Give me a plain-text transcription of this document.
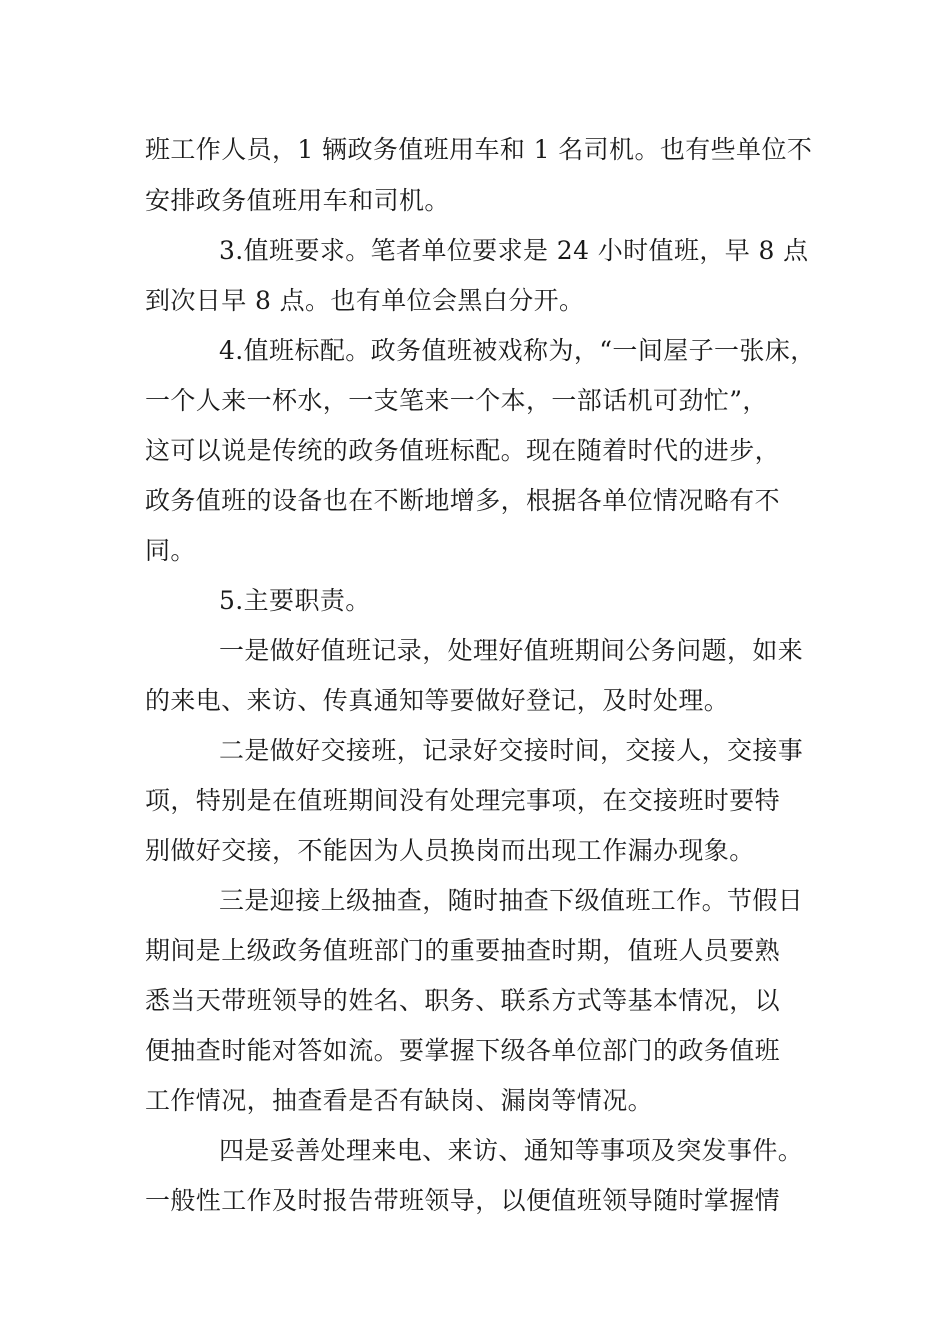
班工作人员，1 辆政务值班用车和 1 名司机。也有些单位不

安排政务值班用车和司机。

3.值班要求。笔者单位要求是 24 小时值班，早 8 点

到次日早 8 点。也有单位会黑白分开。

4.值班标配。政务值班被戏称为，“一间屋子一张床，

一个人来一杯水，一支笔来一个本，一部话机可劲忙”，

这可以说是传统的政务值班标配。现在随着时代的进步，

政务值班的设备也在不断地增多，根据各单位情况略有不

同。

5.主要职责。

一是做好值班记录，处理好值班期间公务问题，如来

的来电、来访、传真通知等要做好登记，及时处理。

二是做好交接班，记录好交接时间，交接人，交接事

项，特别是在值班期间没有处理完事项，在交接班时要特

别做好交接，不能因为人员换岗而出现工作漏办现象。

三是迎接上级抽查，随时抽查下级值班工作。节假日

期间是上级政务值班部门的重要抽查时期，值班人员要熟

悉当天带班领导的姓名、职务、联系方式等基本情况，以

便抽查时能对答如流。要掌握下级各单位部门的政务值班

工作情况，抽查看是否有缺岗、漏岗等情况。

四是妥善处理来电、来访、通知等事项及突发事件。

一般性工作及时报告带班领导，以便值班领导随时掌握情
